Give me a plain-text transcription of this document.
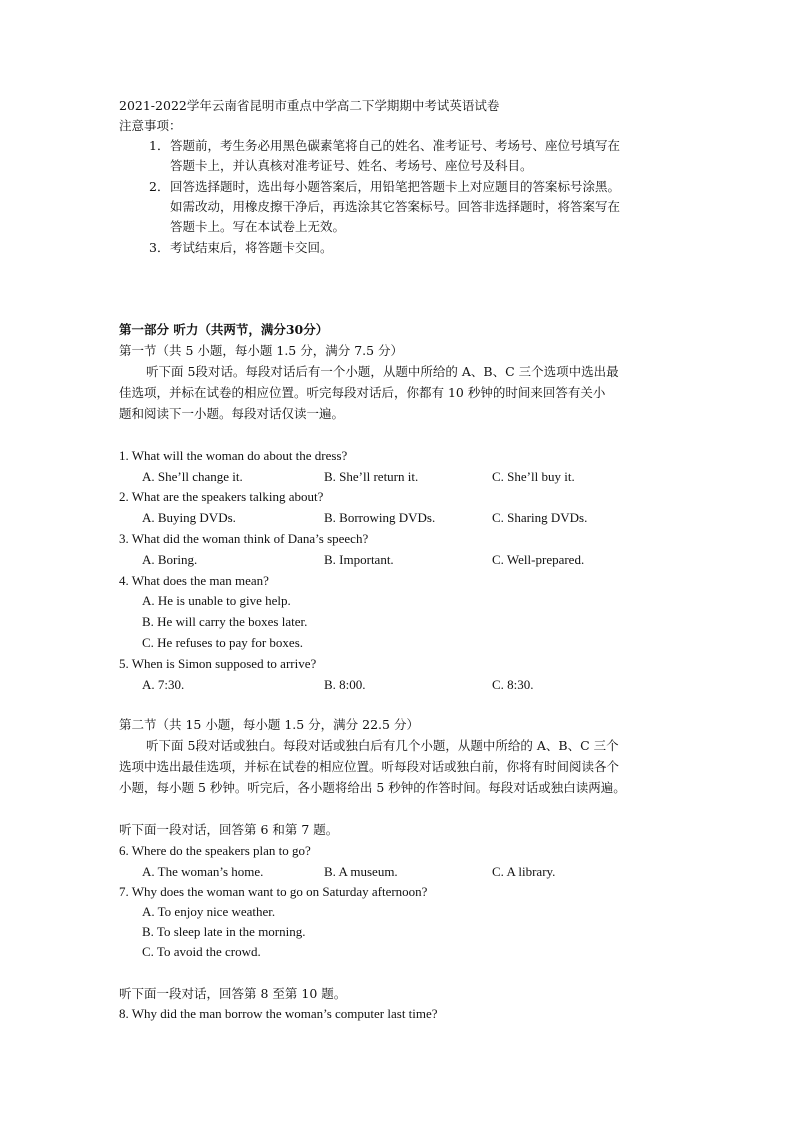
2021-2022学年云南省昆明市重点中学高二下学期期中考试英语试卷
注意事项：
1． 答题前，考生务必用黑色碳素笔将自己的姓名、准考证号、考场号、座位号填写在
答题卡上，并认真核对准考证号、姓名、考场号、座位号及科目。
2． 回答选择题时，选出每小题答案后，用铅笔把答题卡上对应题目的答案标号涂黑。
如需改动，用橡皮擦干净后，再选涂其它答案标号。回答非选择题时，将答案写在
答题卡上。写在本试卷上无效。
3． 考试结束后，将答题卡交回。
第一部分 听力（共两节，满分30分）
第一节（共 5 小题，每小题 1.5 分，满分 7.5 分）
听下面 5段对话。每段对话后有一个小题，从题中所给的 A、B、C 三个选项中选出最
佳选项，并标在试卷的相应位置。听完每段对话后，你都有 10 秒钟的时间来回答有关小
题和阅读下一小题。每段对话仅读一遍。
1. What will the woman do about the dress?
A. She’ll change it.	B. She’ll return it.	C. She’ll buy it.
2. What are the speakers talking about?
A. Buying DVDs.	B. Borrowing DVDs.	C. Sharing DVDs.
3. What did the woman think of Dana’s speech?
A. Boring.	B. Important.	C. Well-prepared.
4. What does the man mean?
A. He is unable to give help.
B. He will carry the boxes later.
C. He refuses to pay for boxes.
5. When is Simon supposed to arrive?
A. 7:30.	B. 8:00.	C. 8:30.
第二节（共 15 小题，每小题 1.5 分，满分 22.5 分）
听下面 5段对话或独白。每段对话或独白后有几个小题，从题中所给的 A、B、C 三个
选项中选出最佳选项，并标在试卷的相应位置。听每段对话或独白前，你将有时间阅读各个
小题，每小题 5 秒钟。听完后，各小题将给出 5 秒钟的作答时间。每段对话或独白读两遍。
听下面一段对话，回答第 6 和第 7 题。
6. Where do the speakers plan to go?
A. The woman’s home.	B. A museum.	C. A library.
7. Why does the woman want to go on Saturday afternoon?
A. To enjoy nice weather.
B. To sleep late in the morning.
C. To avoid the crowd.
听下面一段对话，回答第 8 至第 10 题。
8. Why did the man borrow the woman’s computer last time?
